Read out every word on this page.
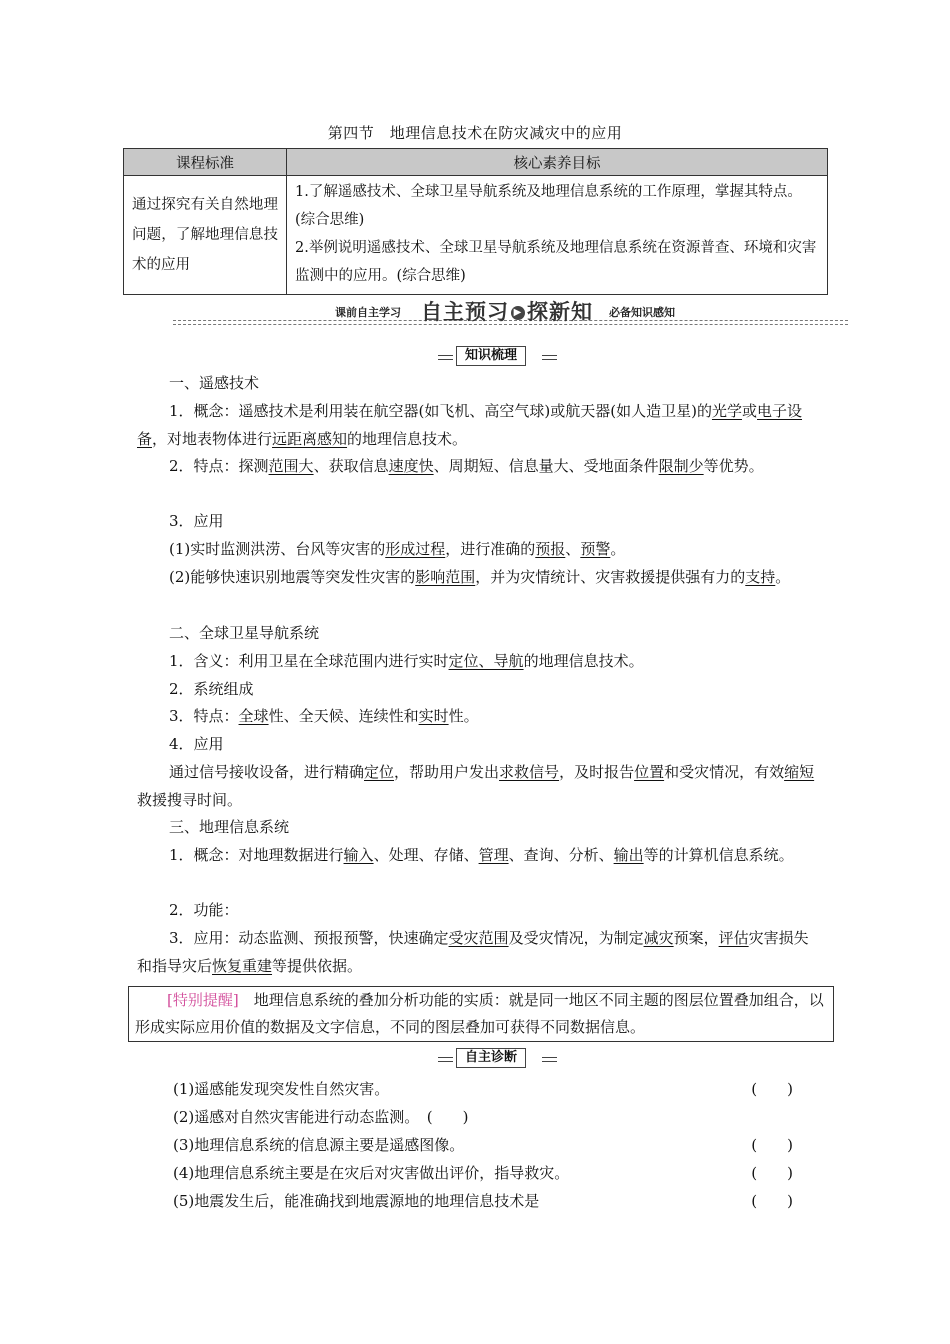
第四节　地理信息技术在防灾减灾中的应用
课程标准	核心素养目标
通过探究有关自然地理问题，了解地理信息技术的应用	1.了解遥感技术、全球卫星导航系统及地理信息系统的工作原理，掌握其特点。(综合思维)
2.举例说明遥感技术、全球卫星导航系统及地理信息系统在资源普查、环境和灾害监测中的应用。(综合思维)
课前自主学习 自主预习 ▶ 探新知 必备知识感知
知识梳理
一、遥感技术
1．概念：遥感技术是利用装在航空器(如飞机、高空气球)或航天器(如人造卫星)的光学或电子设备，对地表物体进行远距离感知的地理信息技术。
2．特点：探测范围大、获取信息速度快、周期短、信息量大、受地面条件限制少等优势。
3．应用
(1)实时监测洪涝、台风等灾害的形成过程，进行准确的预报、预警。
(2)能够快速识别地震等突发性灾害的影响范围，并为灾情统计、灾害救援提供强有力的支持。
二、全球卫星导航系统
1．含义：利用卫星在全球范围内进行实时定位、导航的地理信息技术。
2．系统组成
3．特点：全球性、全天候、连续性和实时性。
4．应用
通过信号接收设备，进行精确定位，帮助用户发出求救信号，及时报告位置和受灾情况，有效缩短救援搜寻时间。
三、地理信息系统
1．概念：对地理数据进行输入、处理、存储、管理、查询、分析、输出等的计算机信息系统。
2．功能：
3．应用：动态监测、预报预警，快速确定受灾范围及受灾情况，为制定减灾预案，评估灾害损失和指导灾后恢复重建等提供依据。
[特别提醒]　地理信息系统的叠加分析功能的实质：就是同一地区不同主题的图层位置叠加组合，以形成实际应用价值的数据及文字信息，不同的图层叠加可获得不同数据信息。
自主诊断
(1)遥感能发现突发性自然灾害。	(　　)
(2)遥感对自然灾害能进行动态监测。　(　　)
(3)地理信息系统的信息源主要是遥感图像。	(　　)
(4)地理信息系统主要是在灾后对灾害做出评价，指导救灾。	(　　)
(5)地震发生后，能准确找到地震源地的地理信息技术是	(　　)
